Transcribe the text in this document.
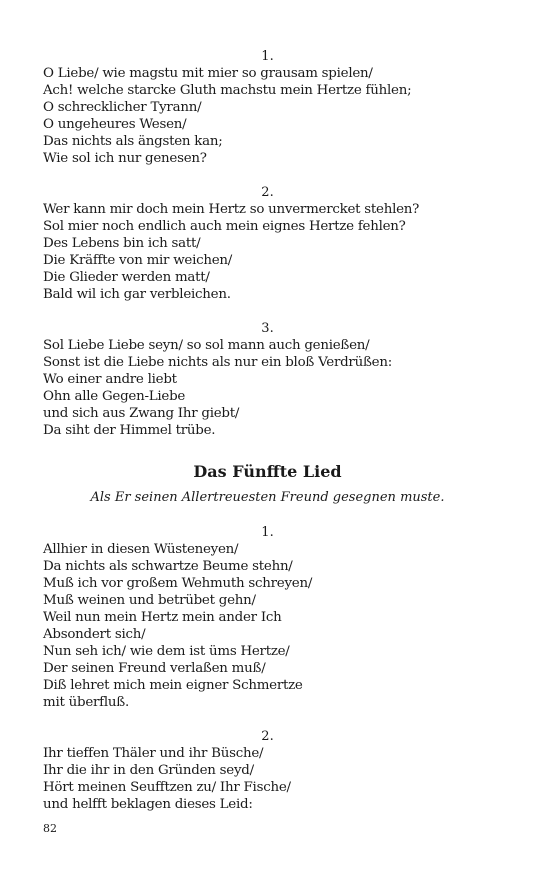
1.

O Liebe/ wie magstu mit mier so grausam spielen/
Ach! welche starcke Gluth machstu mein Hertze fühlen;
O schrecklicher Tyrann/
O ungeheures Wesen/
Das nichts als ängsten kan;
Wie sol ich nur genesen?

2.

Wer kann mir doch mein Hertz so unvermercket stehlen?
Sol mier noch endlich auch mein eignes Hertze fehlen?
Des Lebens bin ich satt/
Die Kräffte von mir weichen/
Die Glieder werden matt/
Bald wil ich gar verbleichen.

3.

Sol Liebe Liebe seyn/ so sol mann auch genießen/
Sonst ist die Liebe nichts als nur ein bloß Verdrüßen:
Wo einer andre liebt
Ohn alle Gegen-Liebe
und sich aus Zwang Ihr giebt/
Da siht der Himmel trübe.
Das Fünffte Lied

Als Er seinen Allertreuesten Freund gesegnen muste.

1.

Allhier in diesen Wüsteneyen/
Da nichts als schwartze Beume stehn/
Muß ich vor großem Wehmuth schreyen/
Muß weinen und betrübet gehn/
Weil nun mein Hertz mein ander Ich
Absondert sich/
Nun seh ich/ wie dem ist üms Hertze/
Der seinen Freund verlaßen muß/
Diß lehret mich mein eigner Schmertze
mit überfluß.

2.

Ihr tieffen Thäler und ihr Büsche/
Ihr die ihr in den Gründen seyd/
Hört meinen Seufftzen zu/ Ihr Fische/
und helfft beklagen dieses Leid:
82
